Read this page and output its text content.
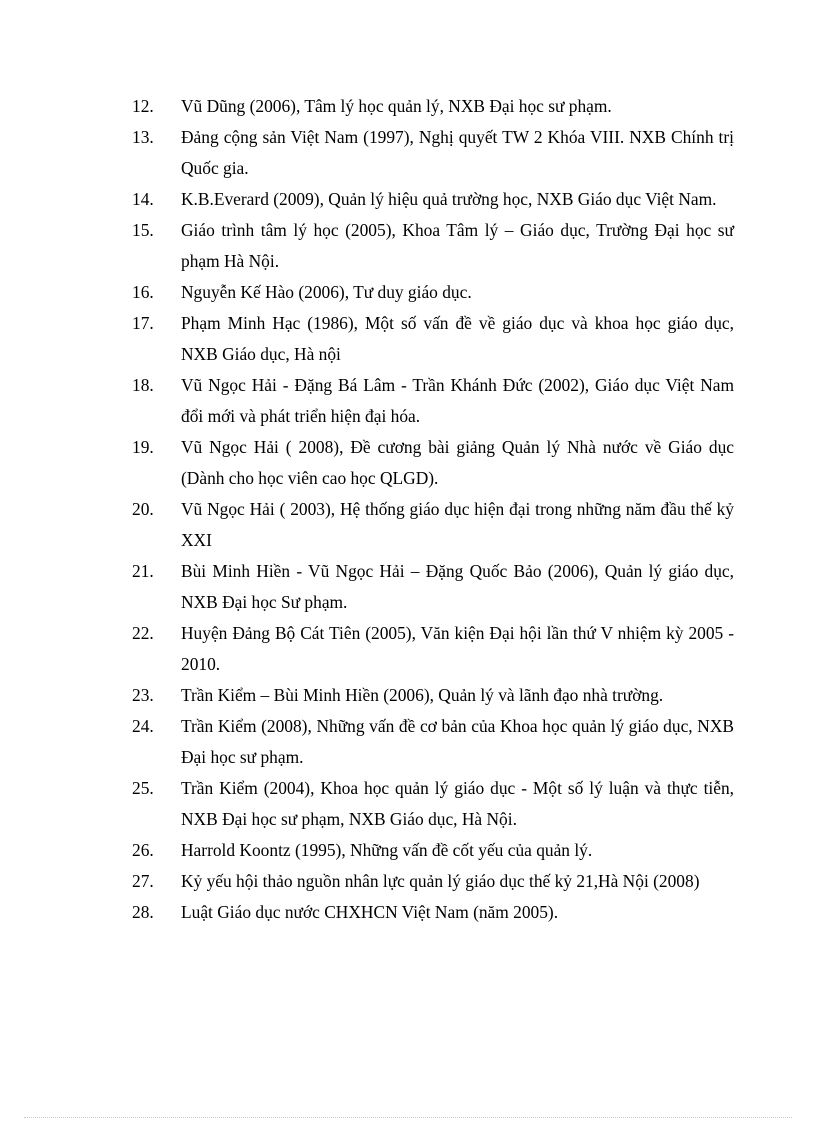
12. Vũ Dũng (2006), Tâm lý học quản lý, NXB Đại học sư phạm.
13. Đảng cộng sản Việt Nam (1997), Nghị quyết TW 2 Khóa VIII. NXB Chính trị Quốc gia.
14. K.B.Everard (2009), Quản lý hiệu quả trường học, NXB Giáo dục Việt Nam.
15. Giáo trình tâm lý học (2005), Khoa Tâm lý – Giáo dục, Trường Đại học sư phạm Hà Nội.
16. Nguyễn Kế Hào (2006), Tư duy giáo dục.
17. Phạm Minh Hạc (1986), Một số vấn đề về giáo dục và khoa học giáo dục, NXB Giáo dục, Hà nội
18. Vũ Ngọc Hải - Đặng Bá Lâm - Trần Khánh Đức (2002), Giáo dục Việt Nam đổi mới và phát triển hiện đại hóa.
19. Vũ Ngọc Hải ( 2008), Đề cương bài giảng Quản lý Nhà nước về Giáo dục (Dành cho học viên cao học QLGD).
20. Vũ Ngọc Hải ( 2003), Hệ thống giáo dục hiện đại trong những năm đầu thế kỷ XXI
21. Bùi Minh Hiền - Vũ Ngọc Hải – Đặng Quốc Bảo (2006), Quản lý giáo dục, NXB Đại học Sư phạm.
22. Huyện Đảng Bộ Cát Tiên (2005), Văn kiện Đại hội lần thứ V nhiệm kỳ 2005 - 2010.
23. Trần Kiểm – Bùi Minh Hiền (2006), Quản lý và lãnh đạo nhà trường.
24. Trần Kiểm (2008), Những vấn đề cơ bản của Khoa học quản lý giáo dục, NXB Đại học sư phạm.
25. Trần Kiểm (2004), Khoa học quản lý giáo dục - Một số lý luận và thực tiễn, NXB Đại học sư phạm, NXB Giáo dục, Hà Nội.
26. Harrold Koontz (1995), Những vấn đề cốt yếu của quản lý.
27. Kỷ yếu hội thảo nguồn nhân lực quản lý giáo dục thế kỷ 21,Hà Nội (2008)
28. Luật Giáo dục nước CHXHCN Việt Nam (năm 2005).
